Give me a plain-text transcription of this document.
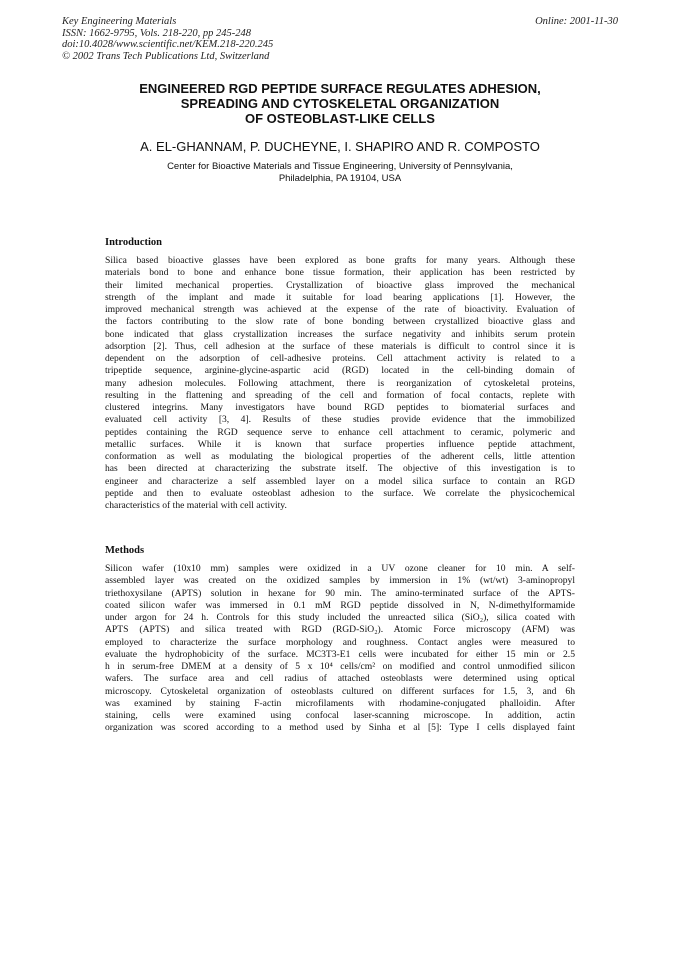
Key Engineering Materials
ISSN: 1662-9795, Vols. 218-220, pp 245-248
doi:10.4028/www.scientific.net/KEM.218-220.245
© 2002 Trans Tech Publications Ltd, Switzerland
Online: 2001-11-30
ENGINEERED RGD PEPTIDE SURFACE REGULATES ADHESION,
SPREADING AND CYTOSKELETAL ORGANIZATION
OF OSTEOBLAST-LIKE CELLS
A. EL-GHANNAM, P. DUCHEYNE, I. SHAPIRO AND R. COMPOSTO
Center for Bioactive Materials and Tissue Engineering, University of Pennsylvania,
Philadelphia, PA 19104, USA
Introduction
Silica based bioactive glasses have been explored as bone grafts for many years. Although these
materials bond to bone and enhance bone tissue formation, their application has been restricted by
their limited mechanical properties. Crystallization of bioactive glass improved the mechanical
strength of the implant and made it suitable for load bearing applications [1]. However, the
improved mechanical strength was achieved at the expense of the rate of bioactivity. Evaluation of
the factors contributing to the slow rate of bone bonding between crystallized bioactive glass and
bone indicated that glass crystallization increases the surface negativity and inhibits serum protein
adsorption [2]. Thus, cell adhesion at the surface of these materials is difficult to control since it is
dependent on the adsorption of cell-adhesive proteins. Cell attachment activity is related to a
tripeptide sequence, arginine-glycine-aspartic acid (RGD) located in the cell-binding domain of
many adhesion molecules. Following attachment, there is reorganization of cytoskeletal proteins,
resulting in the flattening and spreading of the cell and formation of focal contacts, replete with
clustered integrins. Many investigators have bound RGD peptides to biomaterial surfaces and
evaluated cell activity [3, 4]. Results of these studies provide evidence that the immobilized
peptides containing the RGD sequence serve to enhance cell attachment to ceramic, polymeric and
metallic surfaces. While it is known that surface properties influence peptide attachment,
conformation as well as modulating the biological properties of the adherent cells, little attention
has been directed at characterizing the substrate itself. The objective of this investigation is to
engineer and characterize a self assembled layer on a model silica surface to contain an RGD
peptide and then to evaluate osteoblast adhesion to the surface. We correlate the physicochemical
characteristics of the material with cell activity.
Methods
Silicon wafer (10x10 mm) samples were oxidized in a UV ozone cleaner for 10 min. A self-
assembled layer was created on the oxidized samples by immersion in 1% (wt/wt) 3-aminopropyl
triethoxysilane (APTS) solution in hexane for 90 min. The amino-terminated surface of the APTS-
coated silicon wafer was immersed in 0.1 mM RGD peptide dissolved in N, N-dimethylformamide
under argon for 24 h. Controls for this study included the unreacted silica (SiO₂), silica coated with
APTS (APTS) and silica treated with RGD (RGD-SiO₂). Atomic Force microscopy (AFM) was
employed to characterize the surface morphology and roughness. Contact angles were measured to
evaluate the hydrophobicity of the surface. MC3T3-E1 cells were incubated for either 15 min or 2.5
h in serum-free DMEM at a density of 5 x 10⁴ cells/cm² on modified and control unmodified silicon
wafers. The surface area and cell radius of attached osteoblasts were determined using optical
microscopy. Cytoskeletal organization of osteoblasts cultured on different surfaces for 1.5, 3, and 6h
was examined by staining F-actin microfilaments with rhodamine-conjugated phalloidin. After
staining, cells were examined using confocal laser-scanning microscope. In addition, actin
organization was scored according to a method used by Sinha et al [5]: Type I cells displayed faint
